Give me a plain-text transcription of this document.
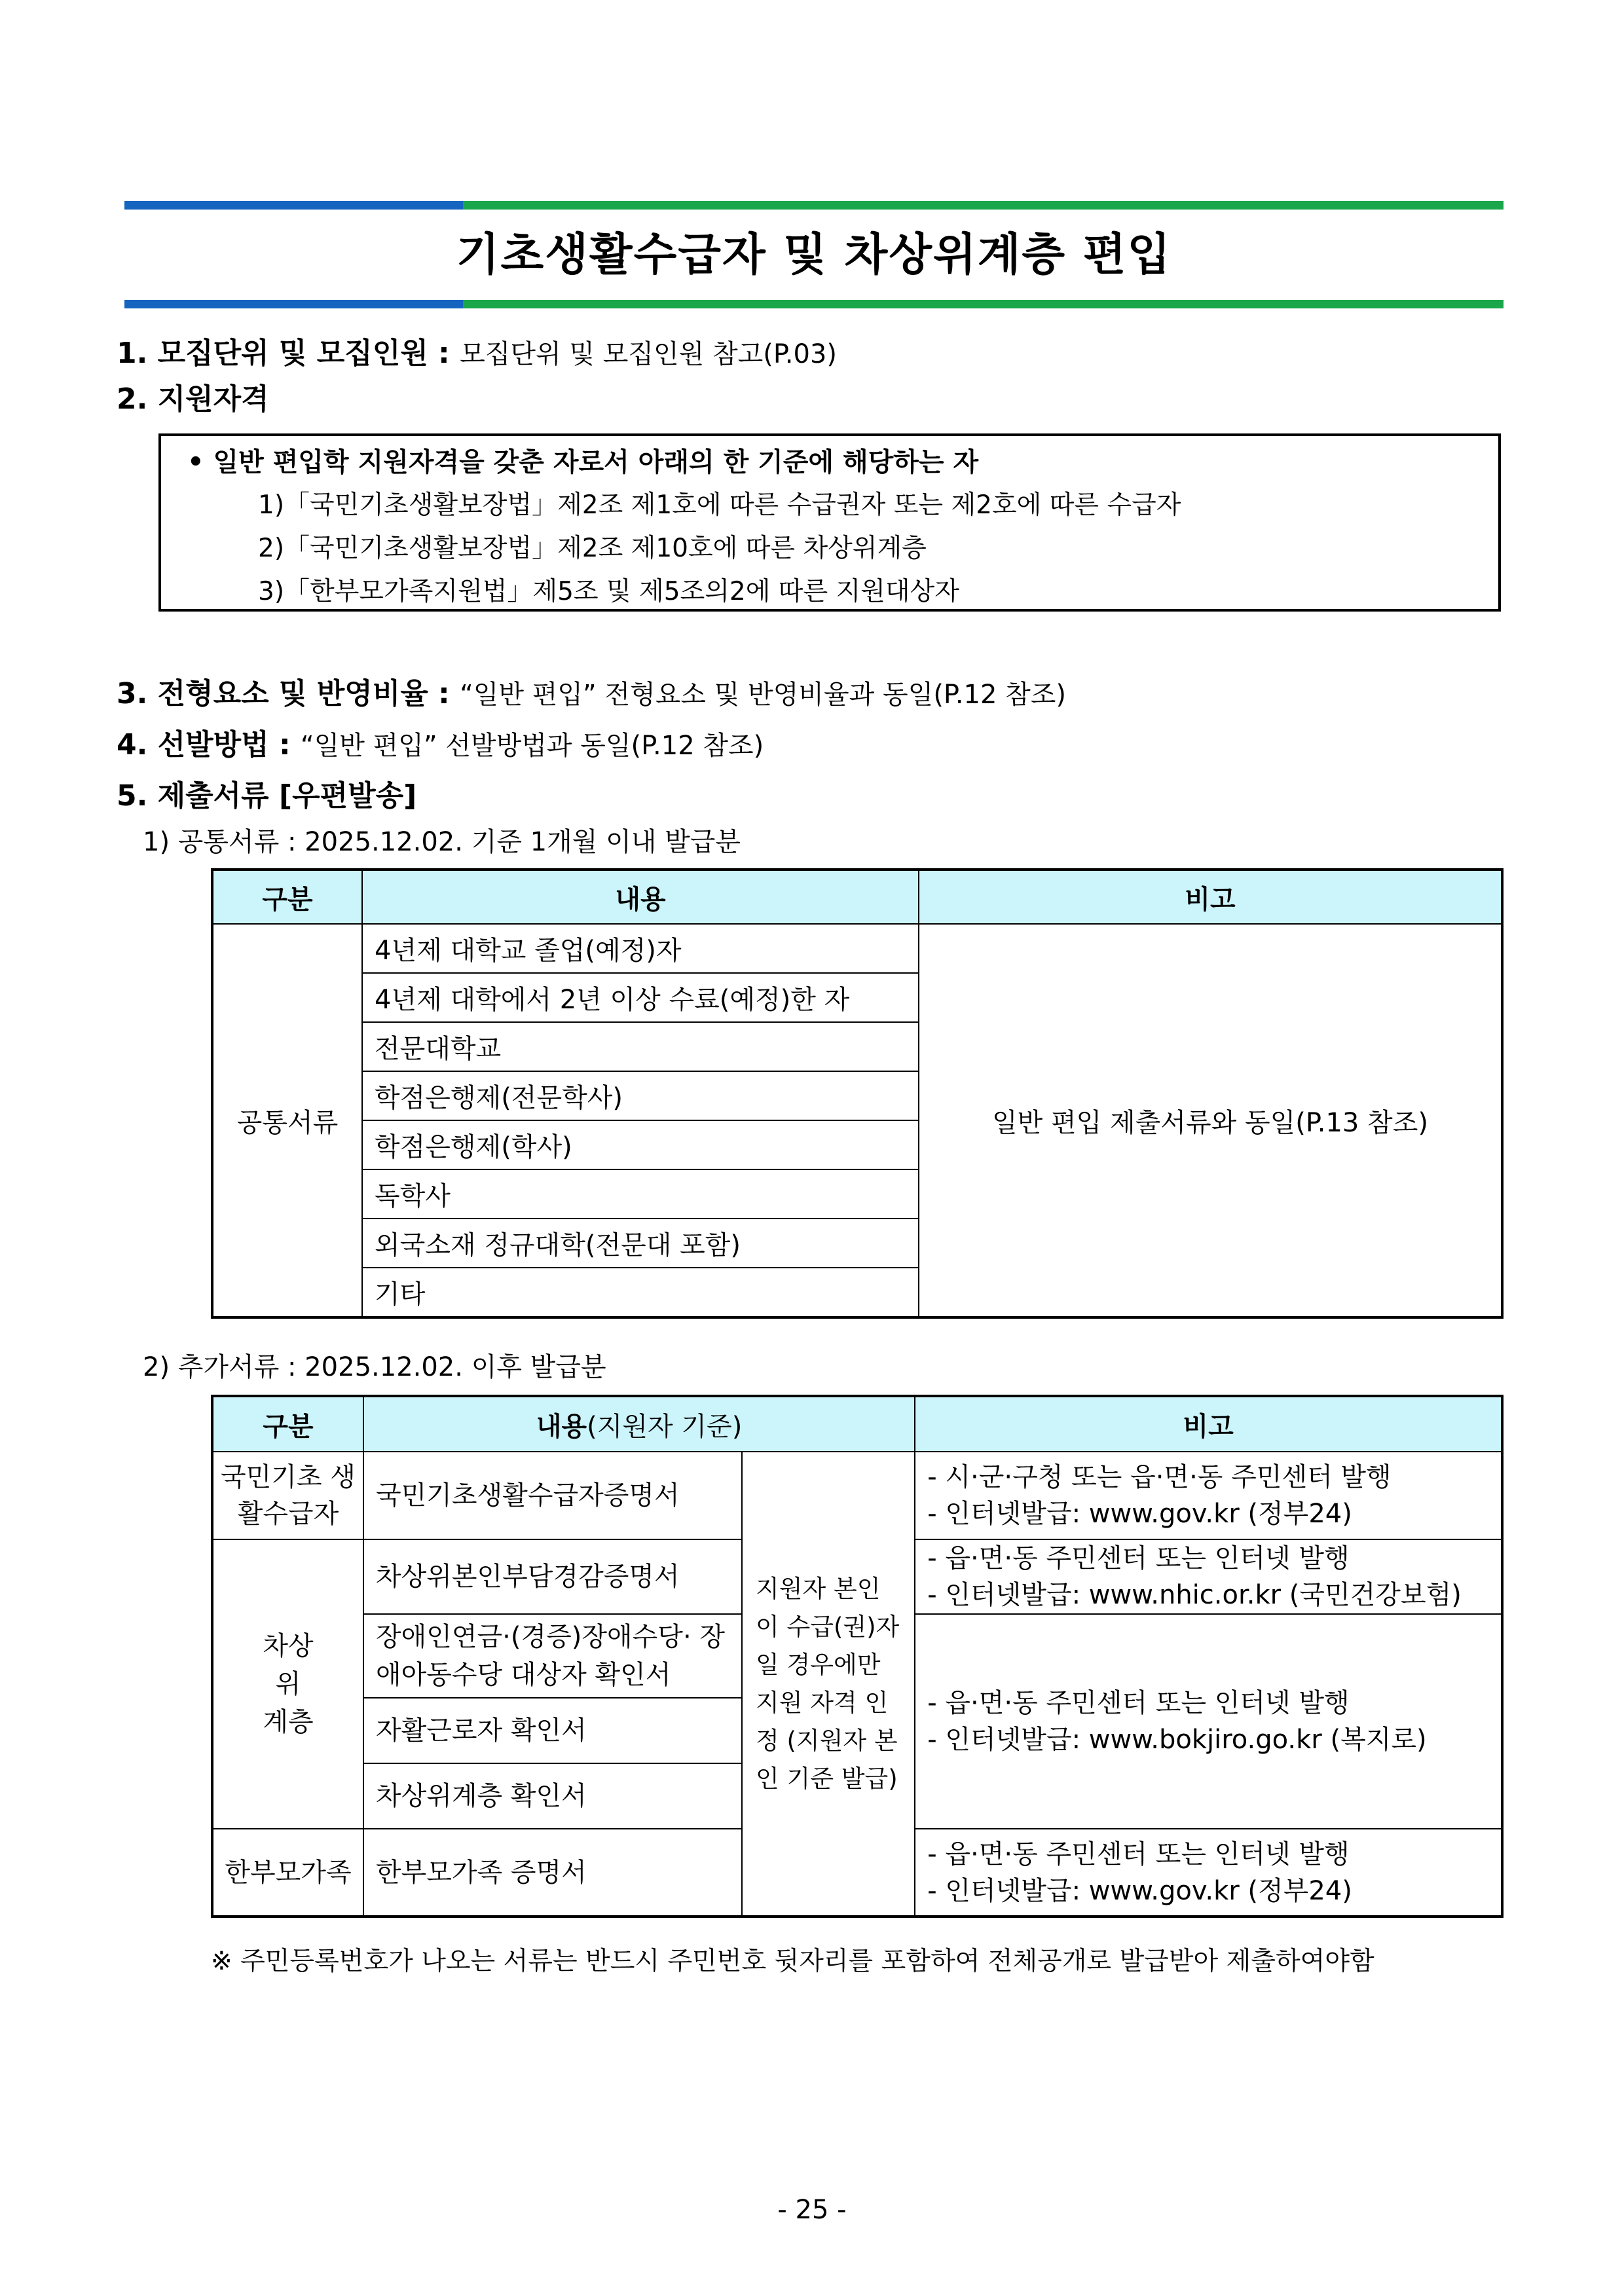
기초생활수급자 및 차상위계층 편입
1. 모집단위 및 모집인원 : 모집단위 및 모집인원 참고(P.03)
2. 지원자격
• 일반 편입학 지원자격을 갖춘 자로서 아래의 한 기준에 해당하는 자
1)「국민기초생활보장법」제2조 제1호에 따른 수급권자 또는 제2호에 따른 수급자
2)「국민기초생활보장법」제2조 제10호에 따른 차상위계층
3)「한부모가족지원법」제5조 및 제5조의2에 따른 지원대상자
3. 전형요소 및 반영비율 : “일반 편입” 전형요소 및 반영비율과 동일(P.12 참조)
4. 선발방법 : “일반 편입” 선발방법과 동일(P.12 참조)
5. 제출서류 [우편발송]
1) 공통서류 : 2025.12.02. 기준 1개월 이내 발급분
구분	내용	비고
공통서류	4년제 대학교 졸업(예정)자	일반 편입 제출서류와 동일(P.13 참조)
	4년제 대학에서 2년 이상 수료(예정)한 자	
	전문대학교	
	학점은행제(전문학사)	
	학점은행제(학사)	
	독학사	
	외국소재 정규대학(전문대 포함)	
	기타	
2) 추가서류 : 2025.12.02. 이후 발급분
구분	내용(지원자 기준)		비고
국민기초 생활수급자	국민기초생활수급자증명서	지원자 본인이 수급(권)자일 경우에만 지원 자격 인정 (지원자 본인 기준 발급)	- 시·군·구청 또는 읍·면·동 주민센터 발행
- 인터넷발급: www.gov.kr (정부24)

차상위 계층	차상위본인부담경감증명서		- 읍·면·동 주민센터 또는 인터넷 발행
- 인터넷발급: www.nhic.or.kr (국민건강보험)

	장애인연금·(경증)장애수당· 장애아동수당 대상자 확인서		- 읍·면·동 주민센터 또는 인터넷 발행
- 인터넷발급: www.bokjiro.go.kr (복지로)

	자활근로자 확인서		
	차상위계층 확인서		
한부모가족	한부모가족 증명서		- 읍·면·동 주민센터 또는 인터넷 발행
- 인터넷발급: www.gov.kr (정부24)
※ 주민등록번호가 나오는 서류는 반드시 주민번호 뒷자리를 포함하여 전체공개로 발급받아 제출하여야함
- 25 -
